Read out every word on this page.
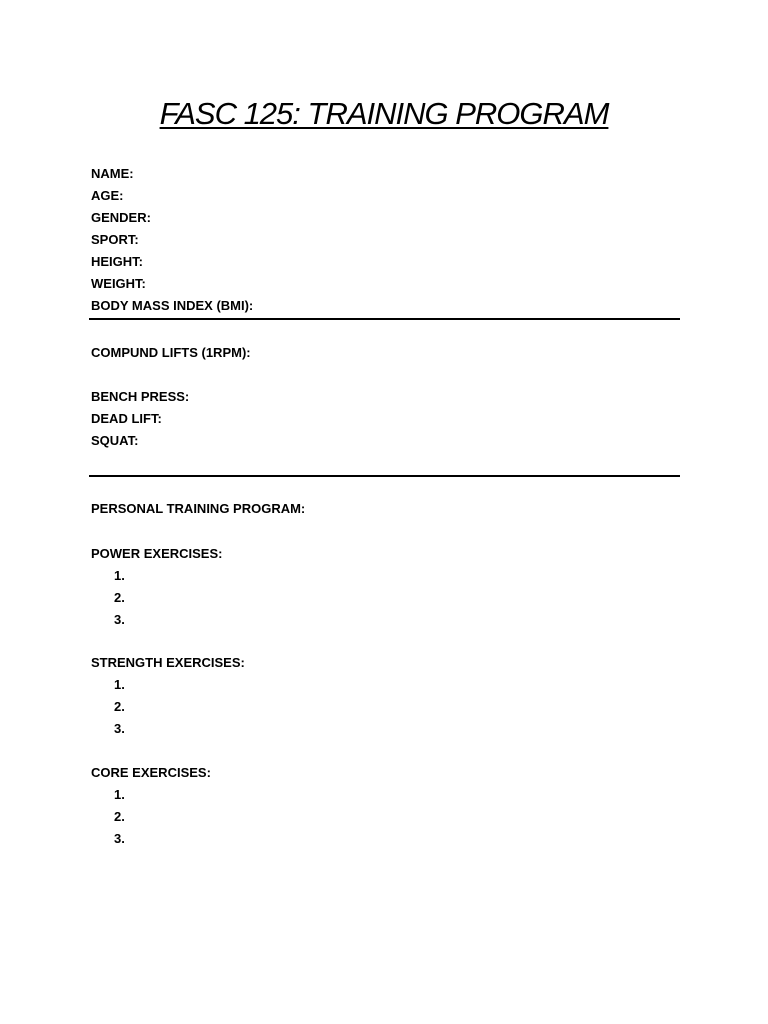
FASC 125: TRAINING PROGRAM
NAME:
AGE:
GENDER:
SPORT:
HEIGHT:
WEIGHT:
BODY MASS INDEX (BMI):
COMPUND LIFTS (1RPM):
BENCH PRESS:
DEAD LIFT:
SQUAT:
PERSONAL TRAINING PROGRAM:
POWER EXERCISES:
1.
2.
3.
STRENGTH EXERCISES:
1.
2.
3.
CORE EXERCISES:
1.
2.
3.
